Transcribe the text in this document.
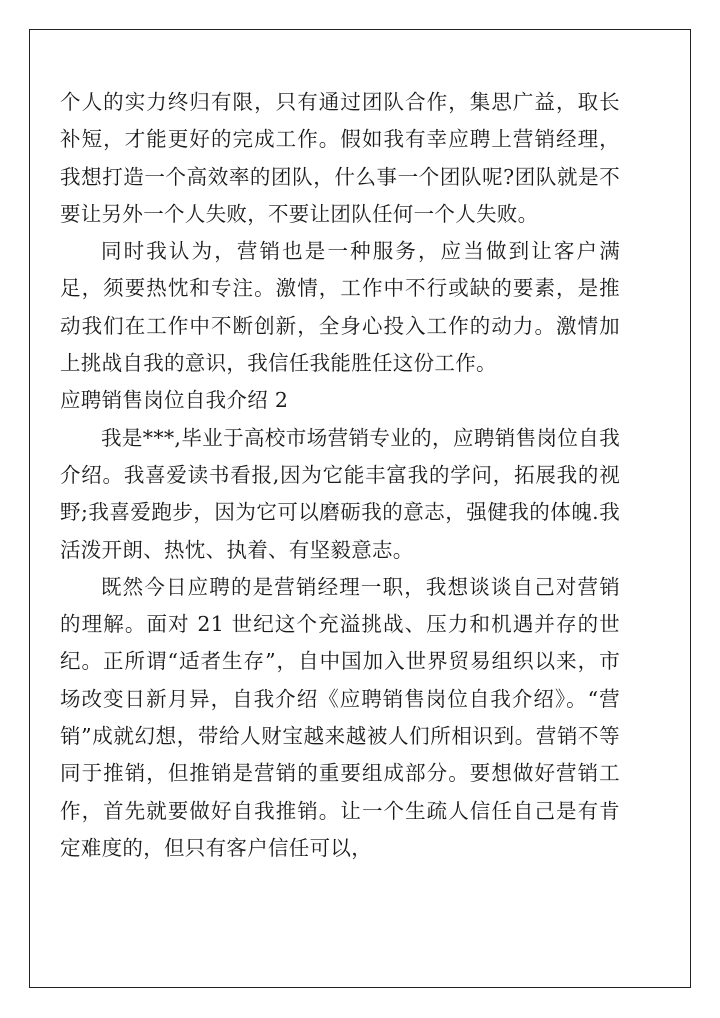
个人的实力终归有限，只有通过团队合作，集思广益，取长补短，才能更好的完成工作。假如我有幸应聘上营销经理，我想打造一个高效率的团队，什么事一个团队呢?团队就是不要让另外一个人失败，不要让团队任何一个人失败。

同时我认为，营销也是一种服务，应当做到让客户满足，须要热忱和专注。激情，工作中不行或缺的要素，是推动我们在工作中不断创新，全身心投入工作的动力。激情加上挑战自我的意识，我信任我能胜任这份工作。

应聘销售岗位自我介绍 2

我是***,毕业于高校市场营销专业的，应聘销售岗位自我介绍。我喜爱读书看报,因为它能丰富我的学问，拓展我的视野;我喜爱跑步，因为它可以磨砺我的意志，强健我的体魄.我活泼开朗、热忱、执着、有坚毅意志。

既然今日应聘的是营销经理一职，我想谈谈自己对营销的理解。面对 21 世纪这个充溢挑战、压力和机遇并存的世纪。正所谓“适者生存”，自中国加入世界贸易组织以来，市场改变日新月异，自我介绍《应聘销售岗位自我介绍》。“营销”成就幻想，带给人财宝越来越被人们所相识到。营销不等同于推销，但推销是营销的重要组成部分。要想做好营销工作，首先就要做好自我推销。让一个生疏人信任自己是有肯定难度的，但只有客户信任可以，
